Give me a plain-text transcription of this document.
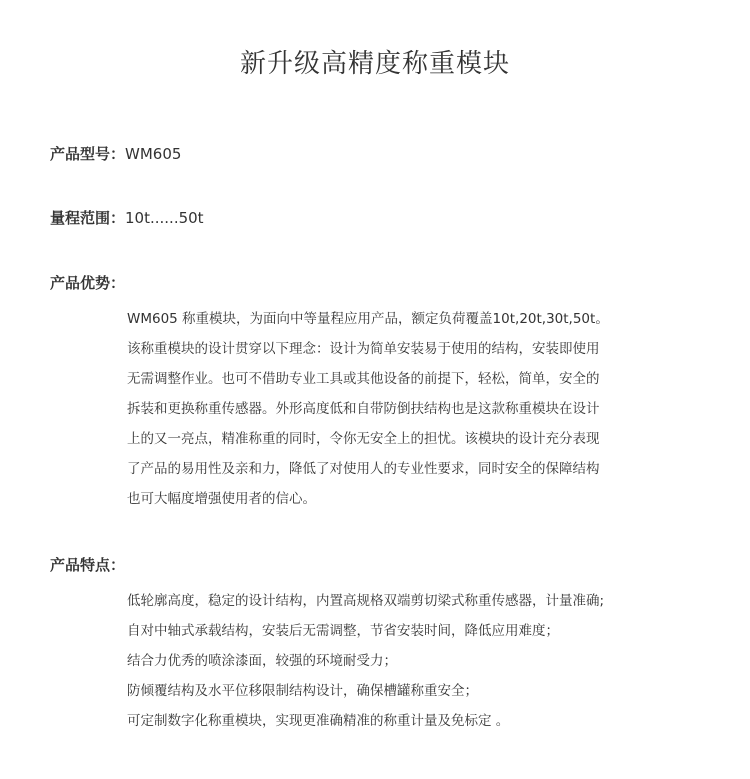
新升级高精度称重模块
产品型号：WM605
量程范围：10t......50t
产品优势：
WM605 称重模块，为面向中等量程应用产品，额定负荷覆盖10t,20t,30t,50t。
该称重模块的设计贯穿以下理念：设计为简单安装易于使用的结构，安装即使用
无需调整作业。也可不借助专业工具或其他设备的前提下，轻松，简单，安全的
拆装和更换称重传感器。外形高度低和自带防倒扶结构也是这款称重模块在设计
上的又一亮点，精准称重的同时，令你无安全上的担忧。该模块的设计充分表现
了产品的易用性及亲和力，降低了对使用人的专业性要求，同时安全的保障结构
也可大幅度增强使用者的信心。
产品特点：
低轮廓高度，稳定的设计结构，内置高规格双端剪切梁式称重传感器，计量准确;
自对中轴式承载结构，安装后无需调整，节省安装时间，降低应用难度；
结合力优秀的喷涂漆面，较强的环境耐受力；
防倾覆结构及水平位移限制结构设计，确保槽罐称重安全；
可定制数字化称重模块，实现更准确精准的称重计量及免标定 。
